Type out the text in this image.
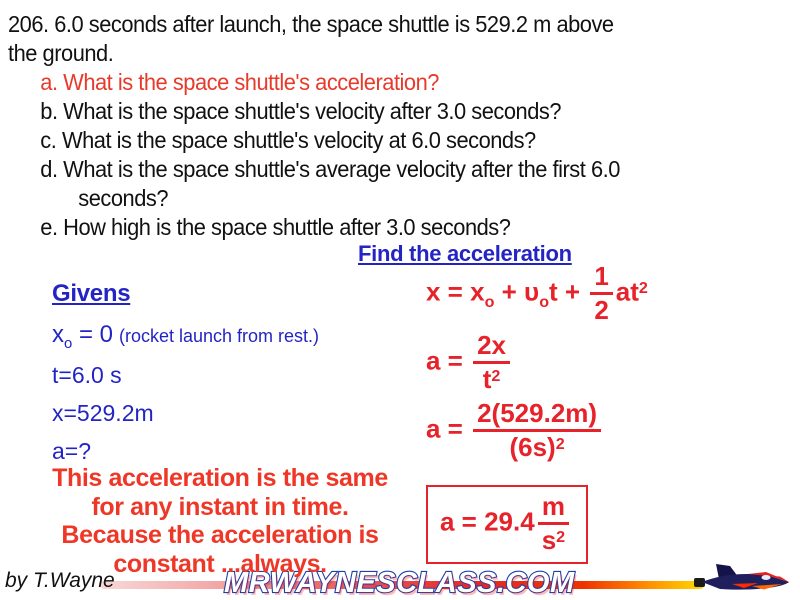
206. 6.0 seconds after launch, the space shuttle is 529.2 m above
the ground.
a. What is the space shuttle's acceleration?
b. What is the space shuttle's velocity after 3.0 seconds?
c. What is the space shuttle's velocity at 6.0 seconds?
d. What is the space shuttle's average velocity after the first 6.0
seconds?
e. How high is the space shuttle after 3.0 seconds?
Find the acceleration
$x = x_o + \upsilon_ot + \frac{1}{2} at^2$
$a = \frac{2x}{t^2}$
$a = \frac{2(529.2m)}{(6s)^2}$
$a = 29.4 \frac{m}{s^2}$
Givens
$x_o = 0$ (rocket launch from rest.)
t=6.0 s
x=529.2m
a=?
This acceleration is the same
for any instant in time.
Because the acceleration is
constant ...always.
by T.Wayne	MRWAYNESCLASS.COM
